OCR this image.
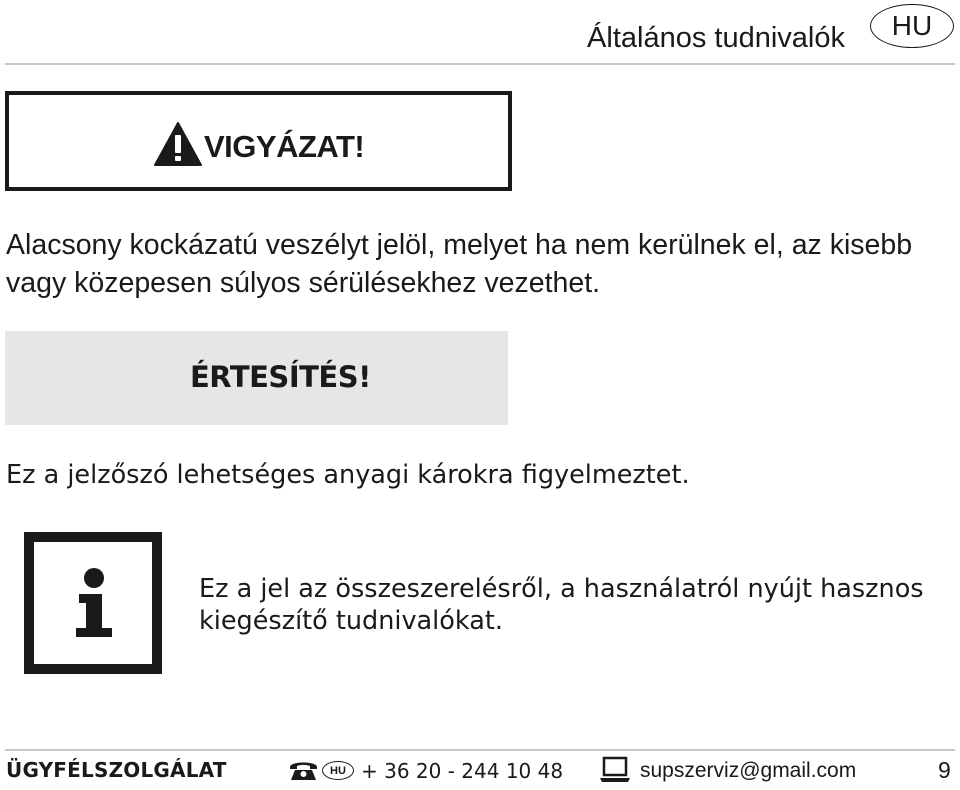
Általános tudnivalók	HU
VIGYÁZAT!

Alacsony kockázatú veszélyt jelöl, melyet ha nem kerülnek el, az kisebb vagy közepesen súlyos sérülésekhez vezethet.

ÉRTESÍTÉS!

Ez a jelzőszó lehetséges anyagi károkra figyelmeztet.

Ez a jel az összeszerelésről, a használatról nyújt hasznos kiegészítő tudnivalókat.

ÜGYFÉLSZOLGÁLAT	HU + 36 20 - 244 10 48	supszerviz@gmail.com	9
